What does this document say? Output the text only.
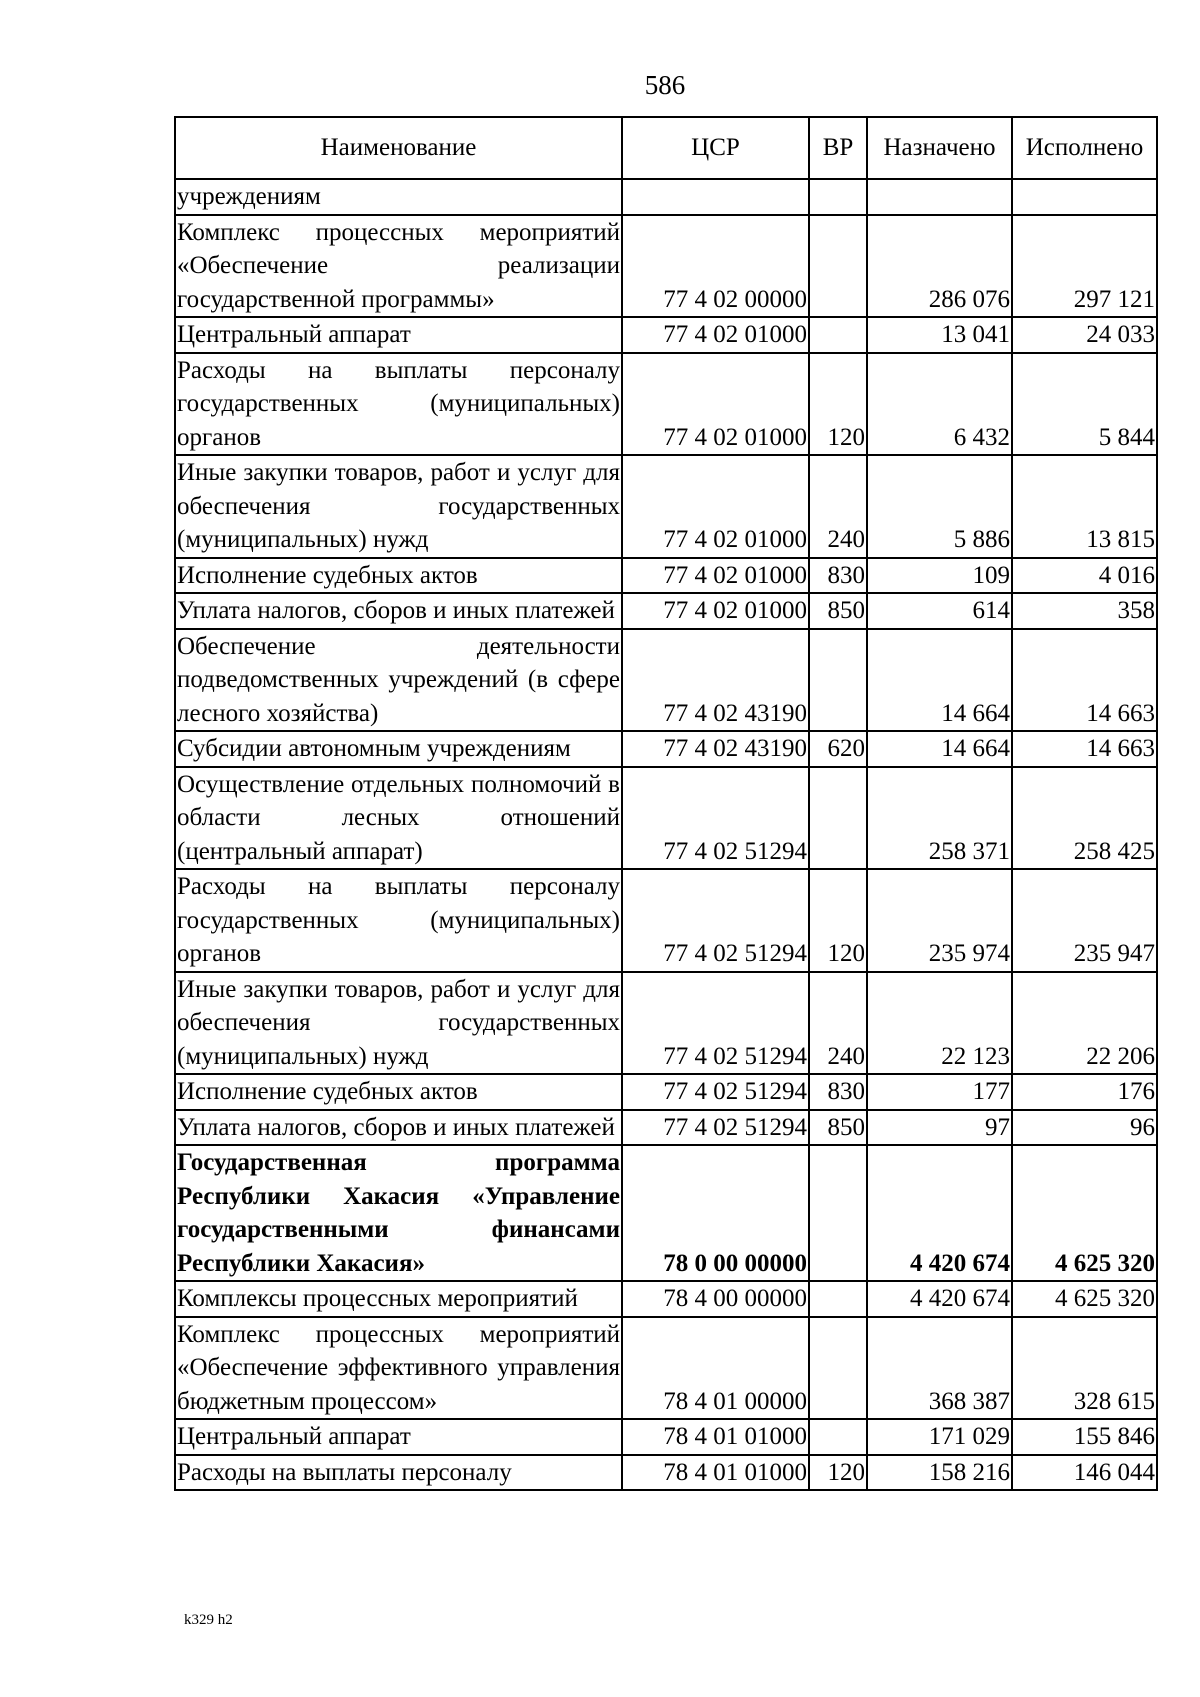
586
Наименование	ЦСР	ВР	Назначено	Исполнено
учреждениям				
Комплекс процессных мероприятий «Обеспечение реализации государственной программы»	77 4 02 00000		286 076	297 121
Центральный аппарат	77 4 02 01000		13 041	24 033
Расходы на выплаты персоналу государственных (муниципальных) органов	77 4 02 01000	120	6 432	5 844
Иные закупки товаров, работ и услуг для обеспечения государственных (муниципальных) нужд	77 4 02 01000	240	5 886	13 815
Исполнение судебных актов	77 4 02 01000	830	109	4 016
Уплата налогов, сборов и иных платежей	77 4 02 01000	850	614	358
Обеспечение деятельности подведомственных учреждений (в сфере лесного хозяйства)	77 4 02 43190		14 664	14 663
Субсидии автономным учреждениям	77 4 02 43190	620	14 664	14 663
Осуществление отдельных полномочий в области лесных отношений (центральный аппарат)	77 4 02 51294		258 371	258 425
Расходы на выплаты персоналу государственных (муниципальных) органов	77 4 02 51294	120	235 974	235 947
Иные закупки товаров, работ и услуг для обеспечения государственных (муниципальных) нужд	77 4 02 51294	240	22 123	22 206
Исполнение судебных актов	77 4 02 51294	830	177	176
Уплата налогов, сборов и иных платежей	77 4 02 51294	850	97	96
Государственная программа Республики Хакасия «Управление государственными финансами Республики Хакасия»	78 0 00 00000		4 420 674	4 625 320
Комплексы процессных мероприятий	78 4 00 00000		4 420 674	4 625 320
Комплекс процессных мероприятий «Обеспечение эффективного управления бюджетным процессом»	78 4 01 00000		368 387	328 615
Центральный аппарат	78 4 01 01000		171 029	155 846
Расходы на выплаты персоналу	78 4 01 01000	120	158 216	146 044
k329 h2
